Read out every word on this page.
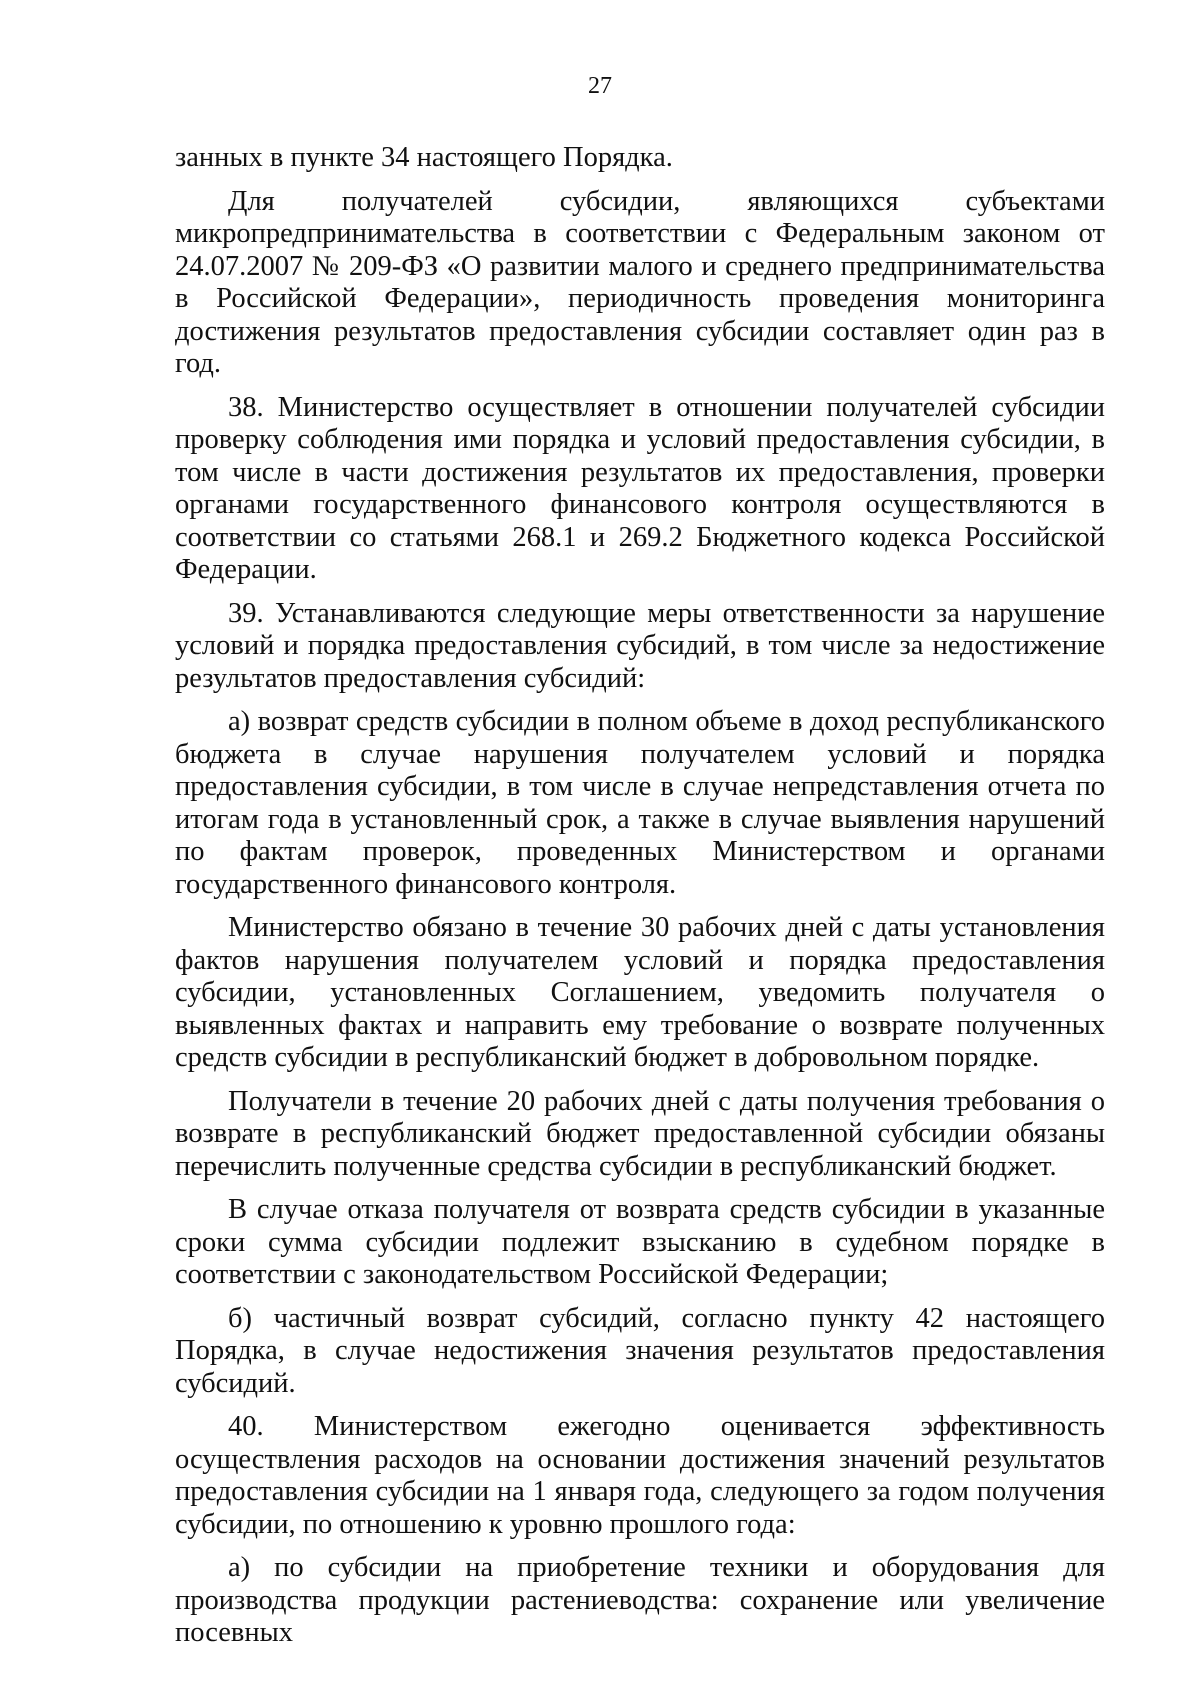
27

занных в пункте 34 настоящего Порядка.

Для получателей субсидии, являющихся субъектами микропредпринимательства в соответствии с Федеральным законом от 24.07.2007 № 209-ФЗ «О развитии малого и среднего предпринимательства в Российской Федерации», периодичность проведения мониторинга достижения результатов предоставления субсидии составляет один раз в год.

38. Министерство осуществляет в отношении получателей субсидии проверку соблюдения ими порядка и условий предоставления субсидии, в том числе в части достижения результатов их предоставления, проверки органами государственного финансового контроля осуществляются в соответствии со статьями 268.1 и 269.2 Бюджетного кодекса Российской Федерации.

39. Устанавливаются следующие меры ответственности за нарушение условий и порядка предоставления субсидий, в том числе за недостижение результатов предоставления субсидий:

а) возврат средств субсидии в полном объеме в доход республиканского бюджета в случае нарушения получателем условий и порядка предоставления субсидии, в том числе в случае непредставления отчета по итогам года в установленный срок, а также в случае выявления нарушений по фактам проверок, проведенных Министерством и органами государственного финансового контроля.

Министерство обязано в течение 30 рабочих дней с даты установления фактов нарушения получателем условий и порядка предоставления субсидии, установленных Соглашением, уведомить получателя о выявленных фактах и направить ему требование о возврате полученных средств субсидии в республиканский бюджет в добровольном порядке.

Получатели в течение 20 рабочих дней с даты получения требования о возврате в республиканский бюджет предоставленной субсидии обязаны перечислить полученные средства субсидии в республиканский бюджет.

В случае отказа получателя от возврата средств субсидии в указанные сроки сумма субсидии подлежит взысканию в судебном порядке в соответствии с законодательством Российской Федерации;

б) частичный возврат субсидий, согласно пункту 42 настоящего Порядка, в случае недостижения значения результатов предоставления субсидий.

40. Министерством ежегодно оценивается эффективность осуществления расходов на основании достижения значений результатов предоставления субсидии на 1 января года, следующего за годом получения субсидии, по отношению к уровню прошлого года:

а) по субсидии на приобретение техники и оборудования для производства продукции растениеводства: сохранение или увеличение посевных
